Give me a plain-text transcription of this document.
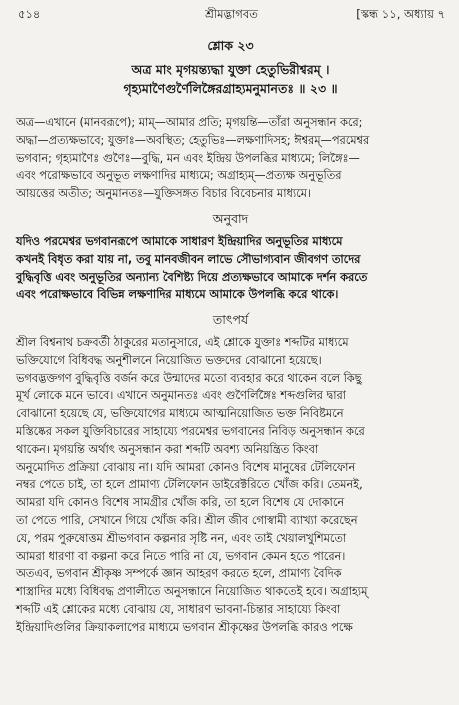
৫১৪	শ্রীমদ্ভাগবত	[স্কন্ধ ১১, অধ্যায় ৭

শ্লোক ২৩

অত্র মাং মৃগয়ন্ত্যদ্ধা যুক্তা হেতুভিরীশ্বরম্ ।

গৃহ্যমাণৈগুর্ণৈলিঙ্গৈরগ্রাহ্যমনুমানতঃ ॥ ২৩ ॥

অত্র—এখানে (মানবরূপে); মাম্—আমার প্রতি; মৃগয়ন্তি—তাঁরা অনুসন্ধান করে;

অদ্ধা—প্রত্যক্ষভাবে; যুক্তাঃ—অবস্থিত; হেতুভিঃ—লক্ষণাদিসহ; ঈশ্বরম্—পরমেশ্বর

ভগবান; গৃহ্যমাণৈঃ গুণৈঃ—বুদ্ধি, মন এবং ইন্দ্রিয় উপলব্ধির মাধ্যমে; লিঙ্গৈঃ—

এবং পরোক্ষভাবে অনুভূত লক্ষণাদির মাধ্যমে; অগ্রাহ্যম্—প্রত্যক্ষ অনুভূতির

আয়ত্তের অতীত; অনুমানতঃ—যুক্তিসঙ্গত বিচার বিবেচনার মাধ্যমে।

অনুবাদ

যদিও পরমেশ্বর ভগবানরূপে আমাকে সাধারণ ইন্দ্রিয়াদির অনুভূতির মাধ্যমে

কখনই বিধৃত করা যায় না, তবু মানবজীবন লাভে সৌভাগ্যবান জীবগণ তাদের

বুদ্ধিবৃত্তি এবং অনুভূতির অন্যান্য বৈশিষ্ট্য দিয়ে প্রত্যক্ষভাবে আমাকে দর্শন করতে

এবং পরোক্ষভাবে বিভিন্ন লক্ষণাদির মাধ্যমে আমাকে উপলব্ধি করে থাকে।

তাৎপর্য

শ্রীল বিশ্বনাথ চক্রবর্তী ঠাকুরের মতানুসারে, এই শ্লোকে যুক্তাঃ শব্দটির মাধ্যমে

ভক্তিযোগে বিধিবদ্ধ অনুশীলনে নিয়োজিত ভক্তদের বোঝানো হয়েছে।

ভগবদ্ভক্তগণ বুদ্ধিবৃত্তি বর্জন করে উন্মাদের মতো ব্যবহার করে থাকেন বলে কিছু

মূর্খ লোকে মনে ভাবে। এখানে অনুমানতঃ এবং গুণৈর্লিঙ্গৈঃ শব্দগুলির দ্বারা

বোঝানো হয়েছে যে, ভক্তিযোগের মাধ্যমে আত্মনিয়োজিত ভক্ত নিবিষ্টমনে

মস্তিষ্কের সকল যুক্তিবিচারের সাহায্যে পরমেশ্বর ভগবানের নিবিড় অনুসন্ধান করে

থাকেন। মৃগয়ন্তি অর্থাৎ অনুসন্ধান করা শব্দটি অবশ্য অনিয়ন্ত্রিত কিংবা

অনুমোদিত প্রক্রিয়া বোঝায় না। যদি আমরা কোনও বিশেষ মানুষের টেলিফোন

নম্বর পেতে চাই, তা হলে প্রামাণ্য টেলিফোন ডাইরেক্টরিতে খোঁজ করি। তেমনই,

আমরা যদি কোনও বিশেষ সামগ্রীর খোঁজ করি, তা হলে বিশেষ যে দোকানে

তা পেতে পারি, সেখানে গিয়ে খোঁজ করি। শ্রীল জীব গোস্বামী ব্যাখ্যা করেছেন

যে, পরম পুরুষোত্তম শ্রীভগবান কল্পনার সৃষ্টি নন, এবং তাই খেয়ালখুশিমতো

আমরা ধারণা বা কল্পনা করে নিতে পারি না যে, ভগবান কেমন হতে পারেন।

অতএব, ভগবান শ্রীকৃষ্ণ সম্পর্কে জ্ঞান আহরণ করতে হলে, প্রামাণ্য বৈদিক

শাস্ত্রাদির মধ্যে বিধিবদ্ধ প্রণালীতে অনুসন্ধানে নিয়োজিত থাকতেই হবে। অগ্রাহ্যম্

শব্দটি এই শ্লোকের মধ্যে বোঝায় যে, সাধারণ ভাবনা-চিন্তার সাহায্যে কিংবা

ইন্দ্রিয়াদিগুলির ক্রিয়াকলাপের মাধ্যমে ভগবান শ্রীকৃষ্ণের উপলব্ধি কারও পক্ষে
